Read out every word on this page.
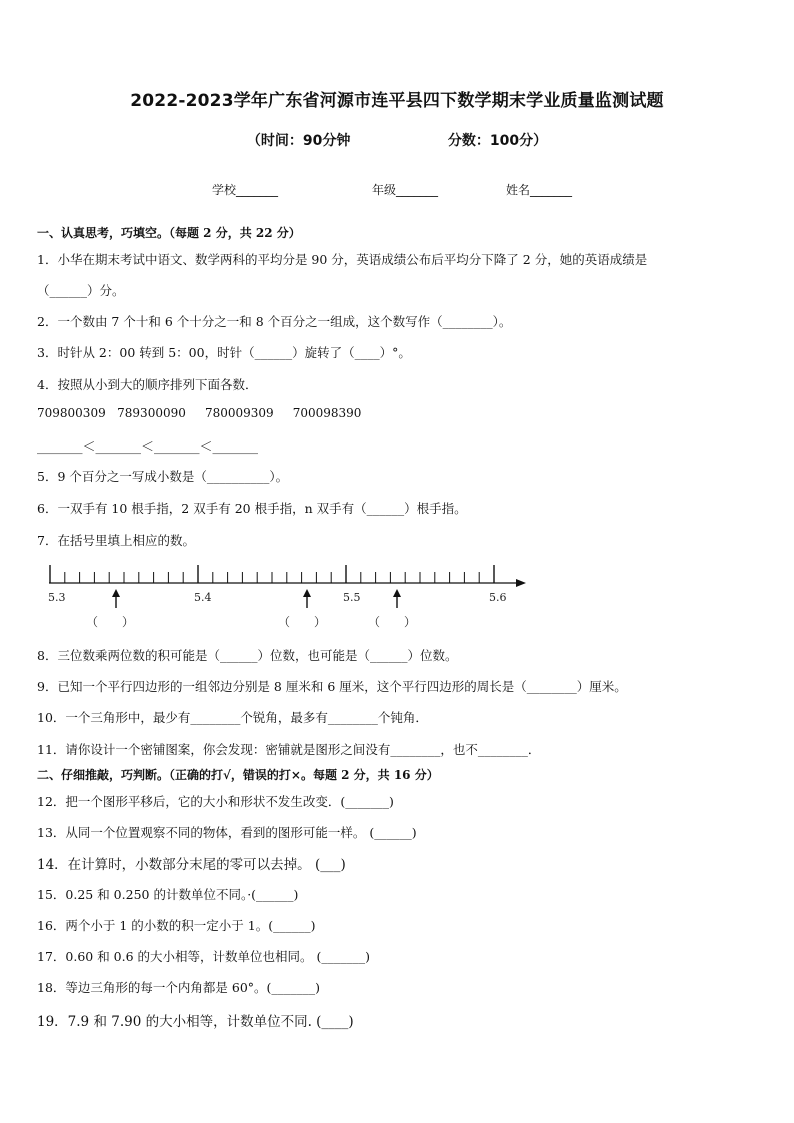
2022-2023学年广东省河源市连平县四下数学期末学业质量监测试题
（时间：90分钟	分数：100分）
学校_______	年级_______	姓名_______
一、认真思考，巧填空。（每题 2 分，共 22 分）
1．小华在期末考试中语文、数学两科的平均分是 90 分，英语成绩公布后平均分下降了 2 分，她的英语成绩是
（______）分。
2．一个数由 7 个十和 6 个十分之一和 8 个百分之一组成，这个数写作（________）。
3．时针从 2：00 转到 5：00，时针（______）旋转了（____）°。
4．按照从小到大的顺序排列下面各数．
709800309   789300090     780009309     700098390
_______＜_______＜_______＜_______
5．9 个百分之一写成小数是（__________）。
6．一双手有 10 根手指，2 双手有 20 根手指，n 双手有（______）根手指。
7．在括号里填上相应的数。
5.3	5.4	5.5	5.6
（　　）	（　　）	（　　）
8．三位数乘两位数的积可能是（______）位数，也可能是（______）位数。
9．已知一个平行四边形的一组邻边分别是 8 厘米和 6 厘米，这个平行四边形的周长是（________）厘米。
10．一个三角形中，最少有________个锐角，最多有________个钝角．
11．请你设计一个密铺图案，你会发现：密铺就是图形之间没有________，也不________．
二、仔细推敲，巧判断。（正确的打√，错误的打×。每题 2 分，共 16 分）
12．把一个图形平移后，它的大小和形状不发生改变．(_______)
13．从同一个位置观察不同的物体，看到的图形可能一样。 (______)
14．在计算时，小数部分末尾的零可以去掉。 (___)
15．0.25 和 0.250 的计数单位不同。·(______)
16．两个小于 1 的小数的积一定小于 1。(______)
17．0.60 和 0.6 的大小相等，计数单位也相同。 (_______)
18．等边三角形的每一个内角都是 60°。(_______)
19．7.9 和 7.90 的大小相等，计数单位不同. (____)
